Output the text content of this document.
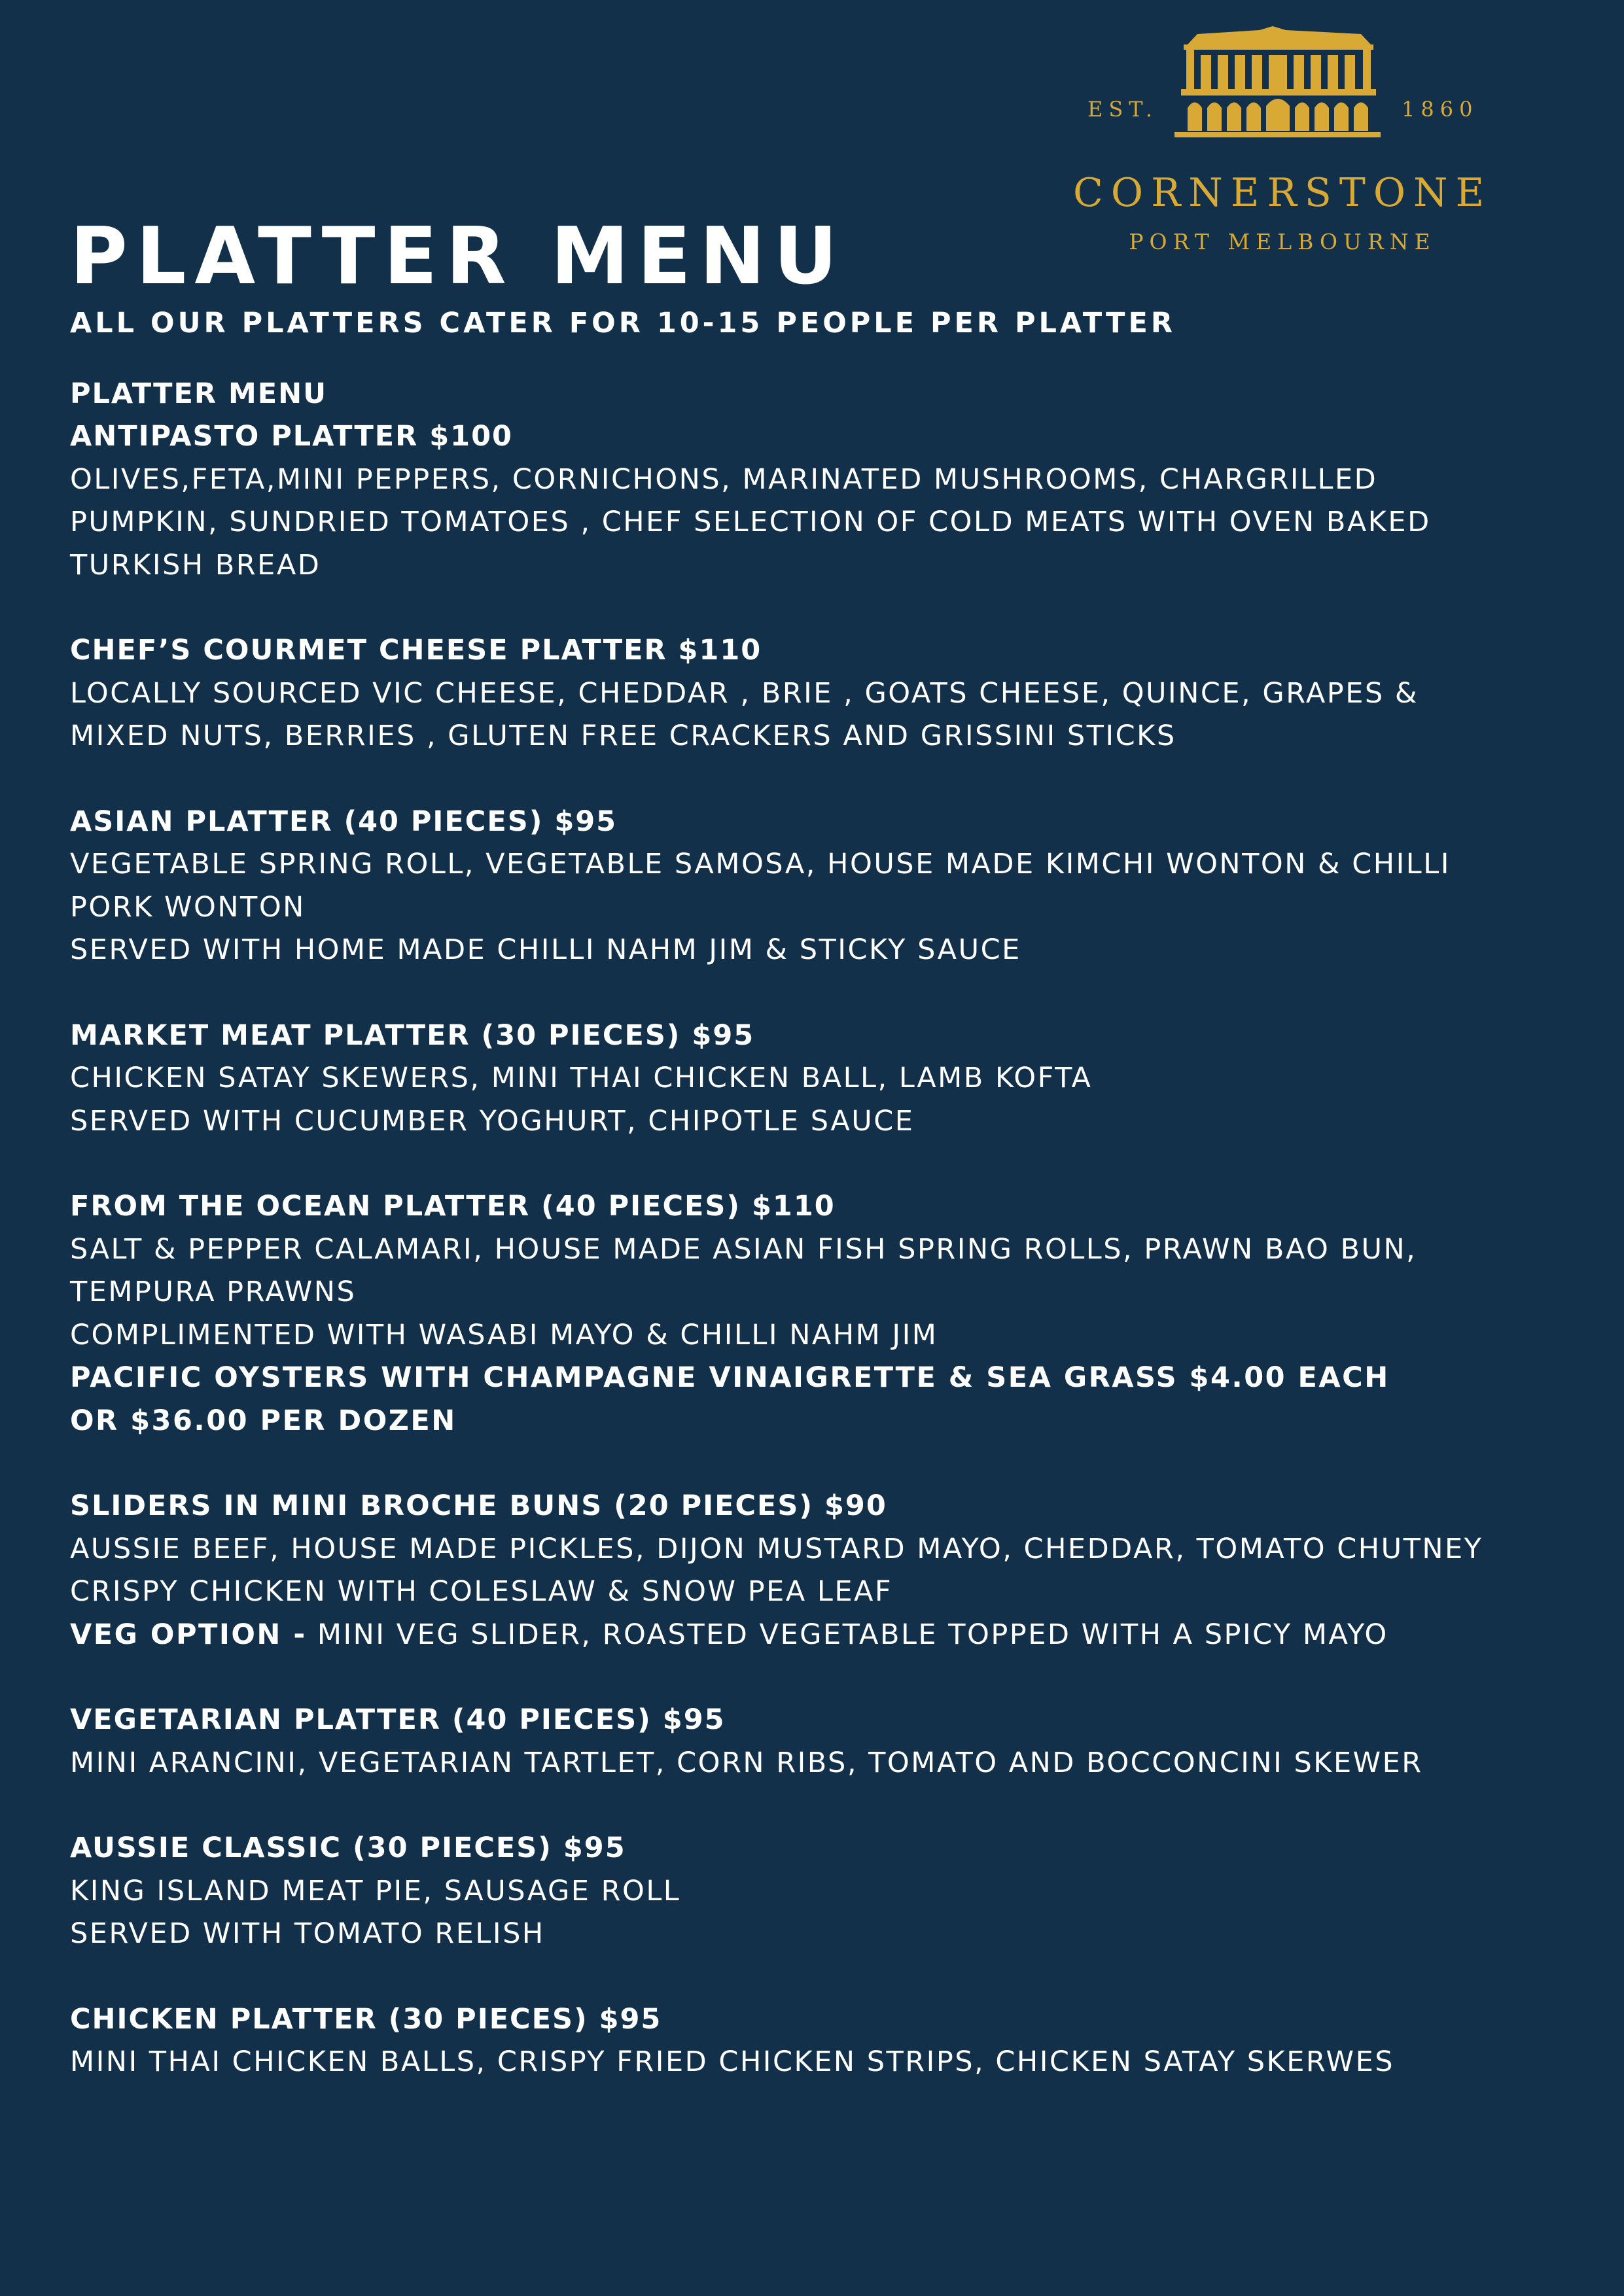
EST.	1860
CORNERSTONE
PORT MELBOURNE
PLATTER MENU
ALL OUR PLATTERS CATER FOR 10-15 PEOPLE PER PLATTER
PLATTER MENU
ANTIPASTO PLATTER $100
OLIVES,FETA,MINI PEPPERS, CORNICHONS, MARINATED MUSHROOMS, CHARGRILLED
PUMPKIN, SUNDRIED TOMATOES , CHEF SELECTION OF COLD MEATS WITH OVEN BAKED
TURKISH BREAD
CHEF’S COURMET CHEESE PLATTER $110
LOCALLY SOURCED VIC CHEESE, CHEDDAR , BRIE , GOATS CHEESE, QUINCE, GRAPES &
MIXED NUTS, BERRIES , GLUTEN FREE CRACKERS AND GRISSINI STICKS
ASIAN PLATTER (40 PIECES) $95
VEGETABLE SPRING ROLL, VEGETABLE SAMOSA, HOUSE MADE KIMCHI WONTON & CHILLI
PORK WONTON
SERVED WITH HOME MADE CHILLI NAHM JIM & STICKY SAUCE
MARKET MEAT PLATTER (30 PIECES) $95
CHICKEN SATAY SKEWERS, MINI THAI CHICKEN BALL, LAMB KOFTA
SERVED WITH CUCUMBER YOGHURT, CHIPOTLE SAUCE
FROM THE OCEAN PLATTER (40 PIECES) $110
SALT & PEPPER CALAMARI, HOUSE MADE ASIAN FISH SPRING ROLLS, PRAWN BAO BUN,
TEMPURA PRAWNS
COMPLIMENTED WITH WASABI MAYO & CHILLI NAHM JIM
PACIFIC OYSTERS WITH CHAMPAGNE VINAIGRETTE & SEA GRASS $4.00 EACH
OR $36.00 PER DOZEN
SLIDERS IN MINI BROCHE BUNS (20 PIECES) $90
AUSSIE BEEF, HOUSE MADE PICKLES, DIJON MUSTARD MAYO, CHEDDAR, TOMATO CHUTNEY
CRISPY CHICKEN WITH COLESLAW & SNOW PEA LEAF
VEG OPTION - MINI VEG SLIDER, ROASTED VEGETABLE TOPPED WITH A SPICY MAYO
VEGETARIAN PLATTER (40 PIECES) $95
MINI ARANCINI, VEGETARIAN TARTLET, CORN RIBS, TOMATO AND BOCCONCINI SKEWER
AUSSIE CLASSIC (30 PIECES) $95
KING ISLAND MEAT PIE, SAUSAGE ROLL
SERVED WITH TOMATO RELISH
CHICKEN PLATTER (30 PIECES) $95
MINI THAI CHICKEN BALLS, CRISPY FRIED CHICKEN STRIPS, CHICKEN SATAY SKERWES
